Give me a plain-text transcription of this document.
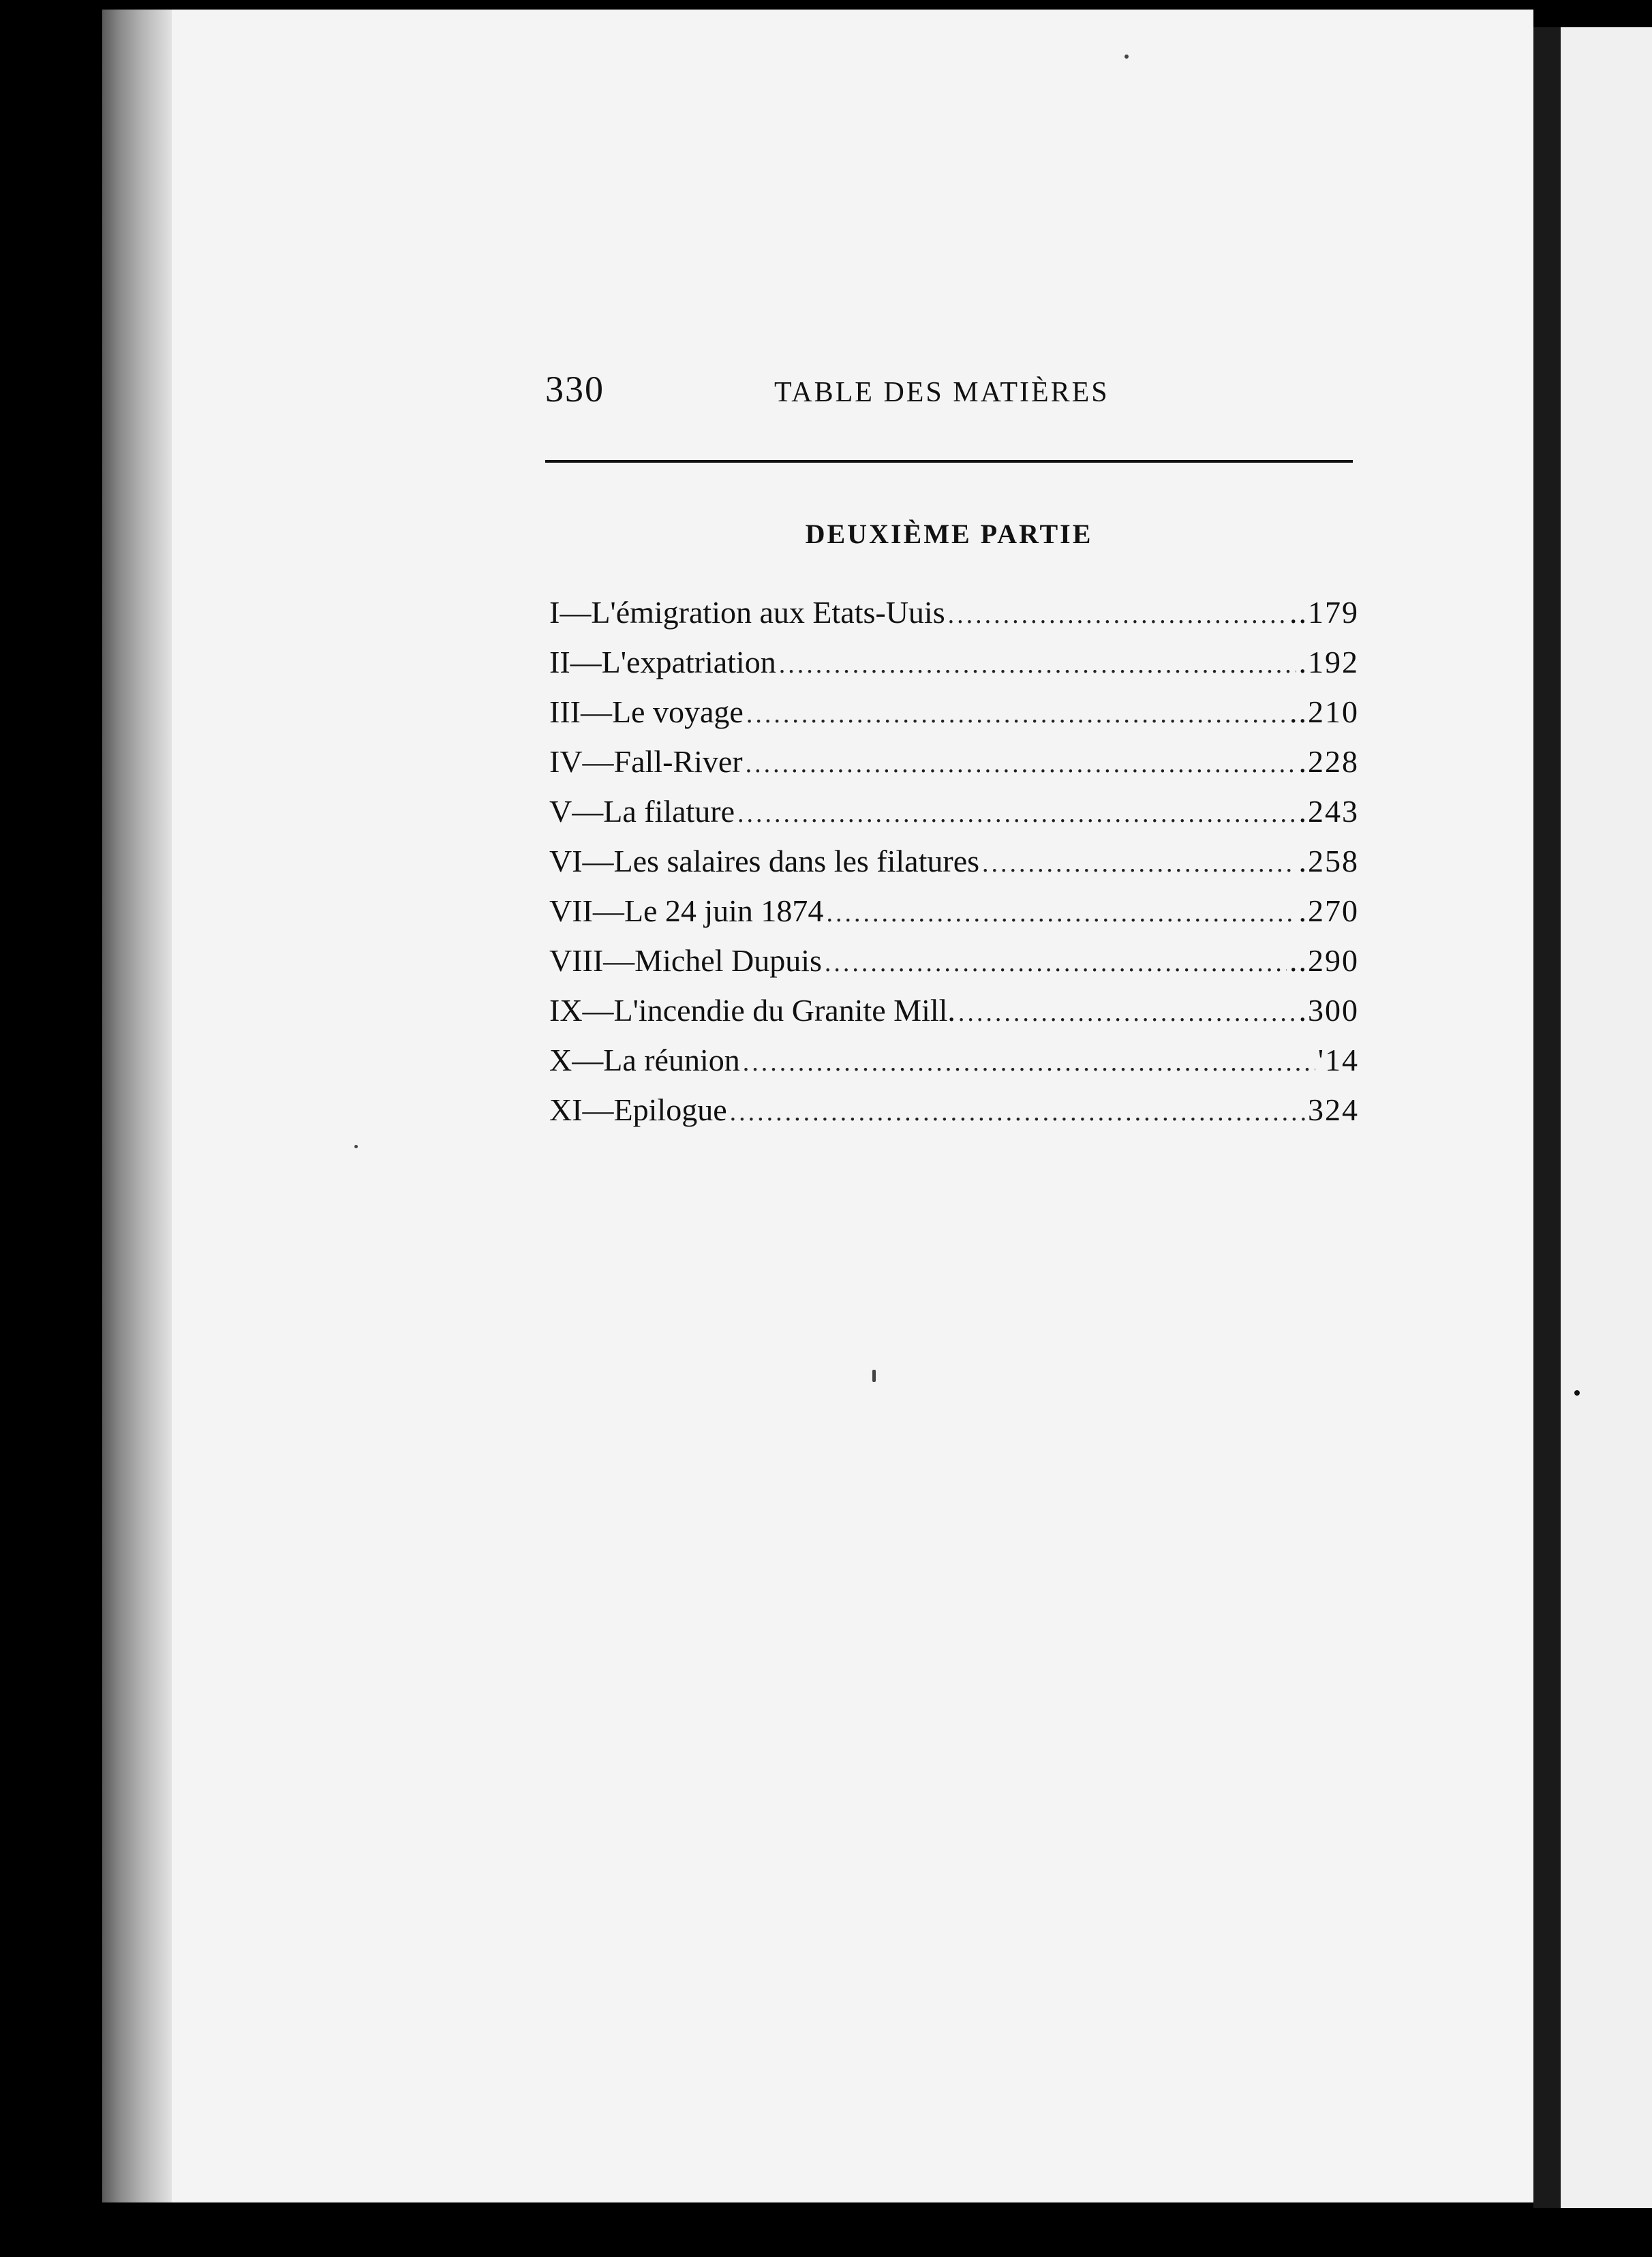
330	TABLE DES MATIÈRES
DEUXIÈME PARTIE
I—L'émigration aux Etats-Uuis .....	..179
II—L'expatriation .....	.192
III—Le voyage .....	..210
IV—Fall-River .....	.228
V—La filature .....	.243
VI—Les salaires dans les filatures .....	.258
VII—Le 24 juin 1874 .....	.270
VIII—Michel Dupuis .....	..290
IX—L'incendie du Granite Mill. .....	.300
X—La réunion .....	'14
XI—Epilogue .....	324
